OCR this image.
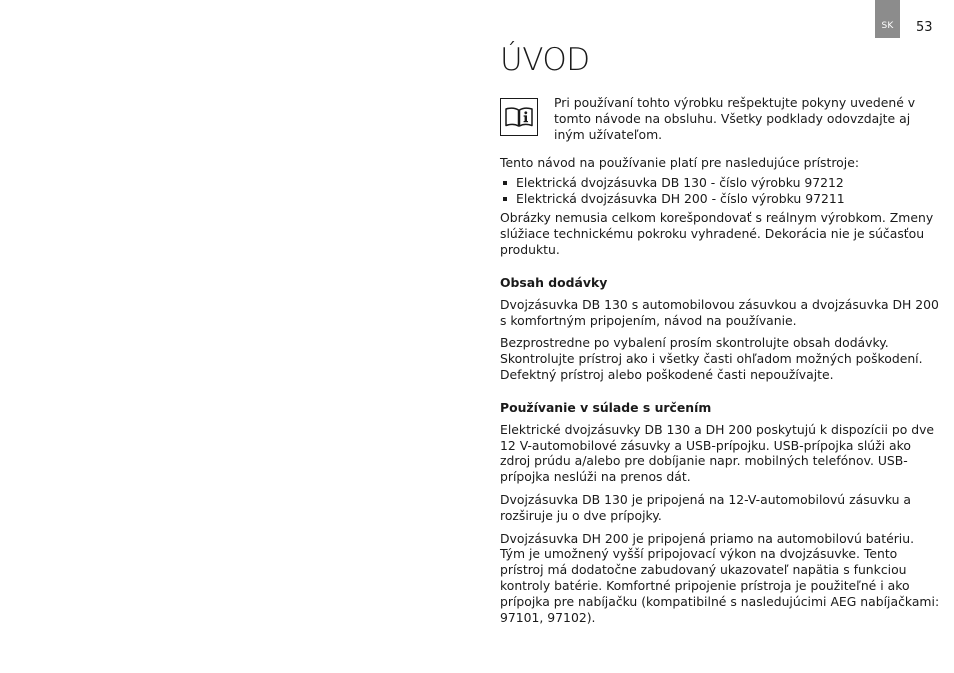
SK	53
ÚVOD
Pri používaní tohto výrobku rešpektujte pokyny uvedené v tomto návode na obsluhu. Všetky podklady odovzdajte aj iným užívateľom.

Tento návod na používanie platí pre nasledujúce prístroje:

Elektrická dvojzásuvka DB 130 - číslo výrobku 97212
Elektrická dvojzásuvka DH 200 - číslo výrobku 97211

Obrázky nemusia celkom korešpondovať s reálnym výrobkom. Zmeny slúžiace technickému pokroku vyhradené. Dekorácia nie je súčasťou produktu.

Obsah dodávky

Dvojzásuvka DB 130 s automobilovou zásuvkou a dvojzásuvka DH 200 s komfortným pripojením, návod na používanie.

Bezprostredne po vybalení prosím skontrolujte obsah dodávky. Skontrolujte prístroj ako i všetky časti ohľadom možných poškodení. Defektný prístroj alebo poškodené časti nepoužívajte.

Používanie v súlade s určením

Elektrické dvojzásuvky DB 130 a DH 200 poskytujú k dispozícii po dve 12 V-automobilové zásuvky a USB-prípojku. USB-prípojka slúži ako zdroj prúdu a/alebo pre dobíjanie napr. mobilných telefónov. USB-prípojka neslúži na prenos dát.

Dvojzásuvka DB 130 je pripojená na 12-V-automobilovú zásuvku a rozširuje ju o dve prípojky.

Dvojzásuvka DH 200 je pripojená priamo na automobilovú batériu. Tým je umožnený vyšší pripojovací výkon na dvojzásuvke. Tento prístroj má dodatočne zabudovaný ukazovateľ napätia s funkciou kontroly batérie. Komfortné pripojenie prístroja je použiteľné i ako prípojka pre nabíjačku (kompatibilné s nasledujúcimi AEG nabíjačkami: 97101, 97102).
